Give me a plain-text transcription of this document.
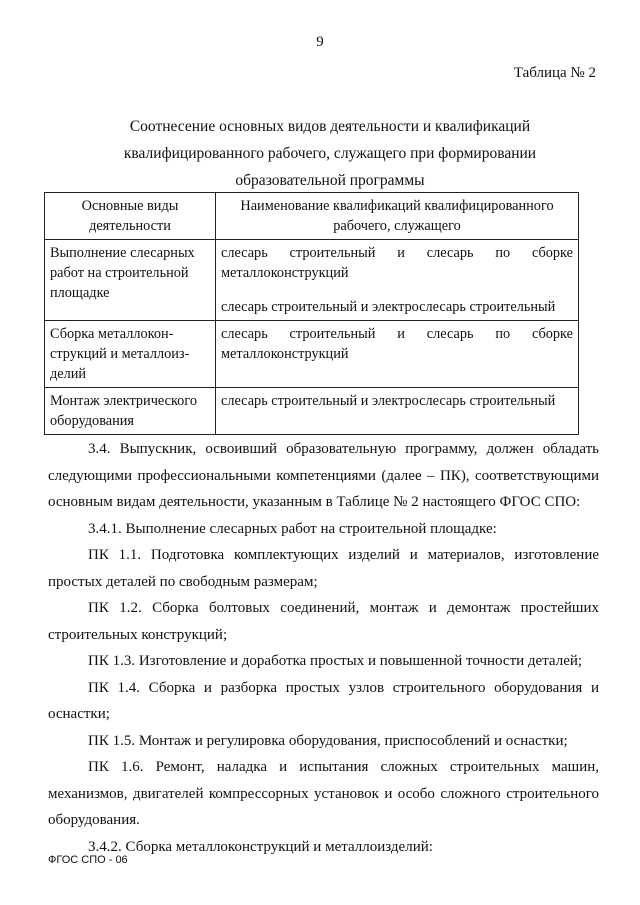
9
Таблица № 2
Соотнесение основных видов деятельности и квалификаций
квалифицированного рабочего, служащего при формировании
образовательной программы
Основные виды
деятельности	Наименование квалификаций квалифицированного
рабочего, служащего

Выполнение слесарных
работ на строительной
площадке	слесарь строительный и слесарь по сборке
металлоконструкций
слесарь строительный и электрослесарь строительный

Сборка металлокон-
струкций и металлоиз-
делий	слесарь строительный и слесарь по сборке
металлоконструкций

Монтаж электрического
оборудования	слесарь строительный и электрослесарь строительный

3.4. Выпускник, освоивший образовательную программу, должен обладать следующими профессиональными компетенциями (далее – ПК), соответствующими основным видам деятельности, указанным в Таблице № 2 настоящего ФГОС СПО:

3.4.1. Выполнение слесарных работ на строительной площадке:

ПК 1.1. Подготовка комплектующих изделий и материалов, изготовление простых деталей по свободным размерам;

ПК 1.2. Сборка болтовых соединений, монтаж и демонтаж простейших строительных конструкций;

ПК 1.3. Изготовление и доработка простых и повышенной точности деталей;

ПК 1.4. Сборка и разборка простых узлов строительного оборудования и оснастки;

ПК 1.5. Монтаж и регулировка оборудования, приспособлений и оснастки;

ПК 1.6. Ремонт, наладка и испытания сложных строительных машин, механизмов, двигателей компрессорных установок и особо сложного строительного оборудования.

3.4.2. Сборка металлоконструкций и металлоизделий:

ФГОС СПО - 06
